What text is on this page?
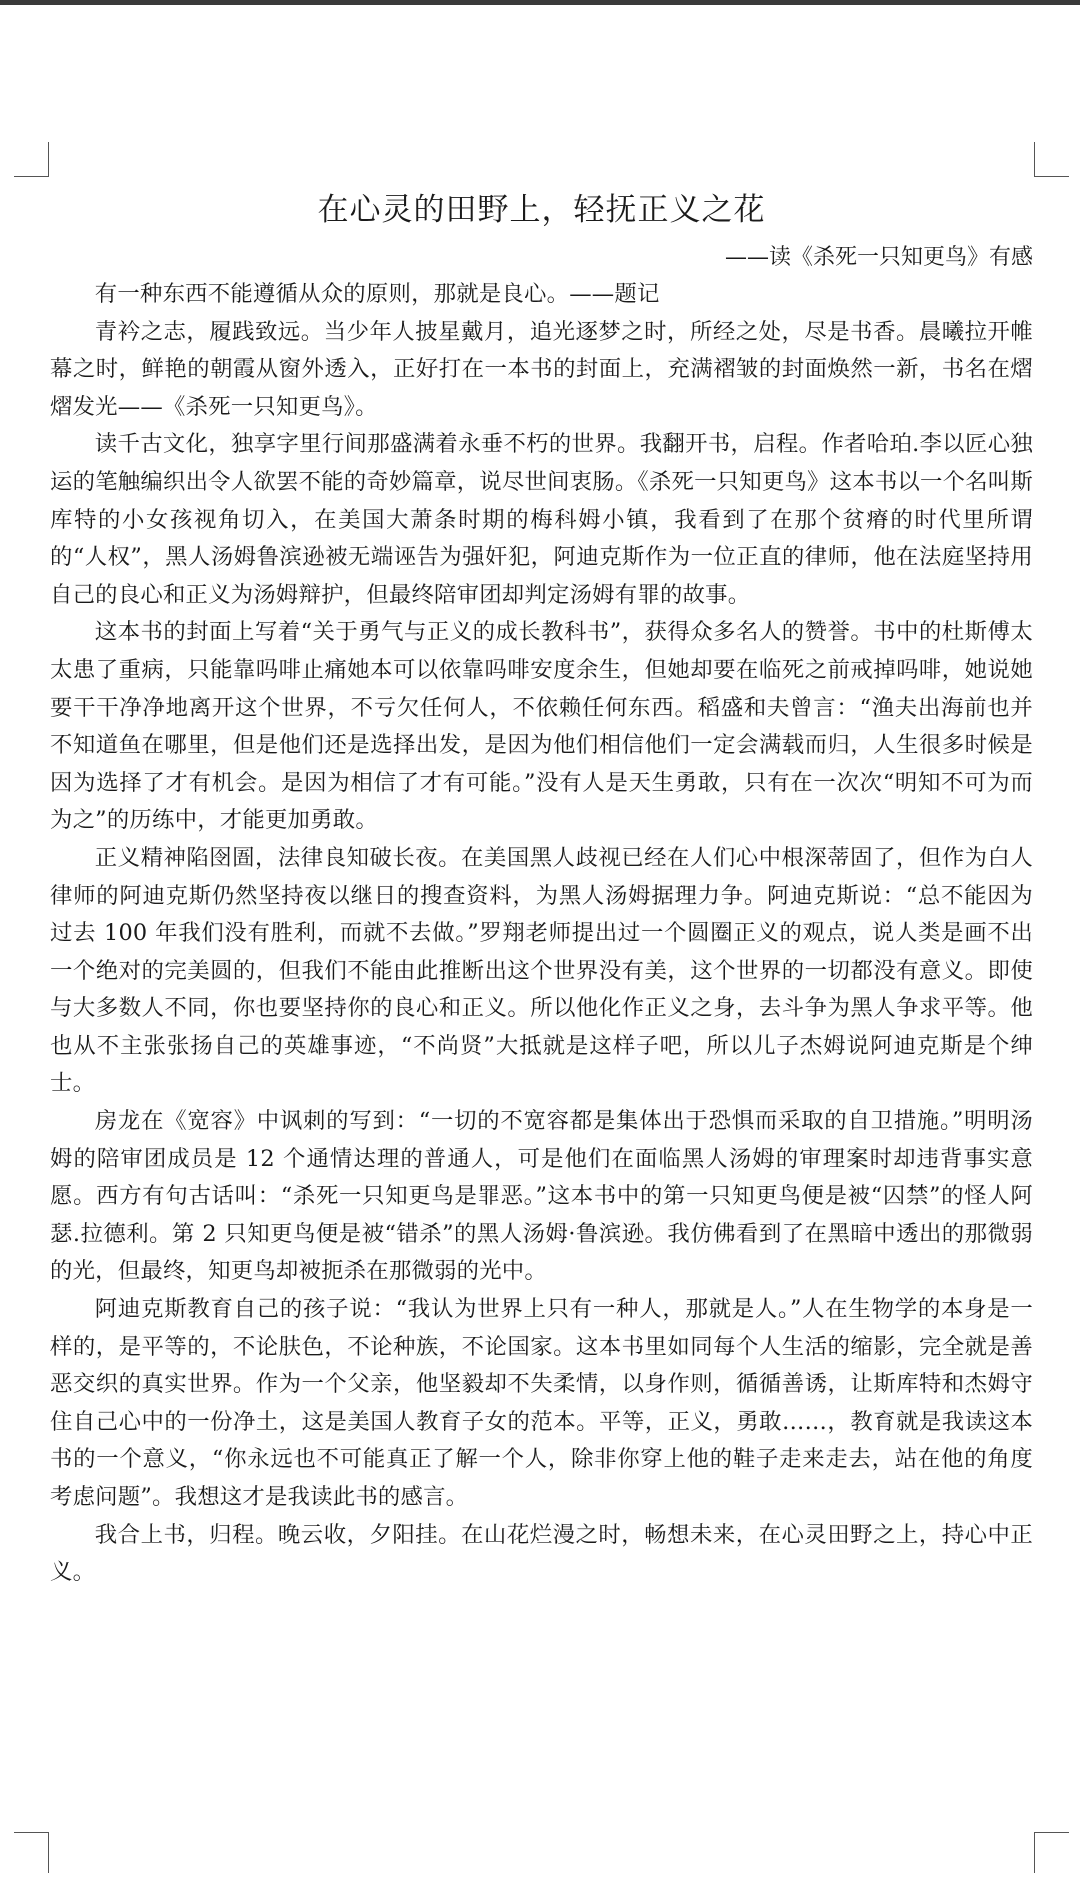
在心灵的田野上，轻抚正义之花

——读《杀死一只知更鸟》有感

有一种东西不能遵循从众的原则，那就是良心。——题记

青衿之志，履践致远。当少年人披星戴月，追光逐梦之时，所经之处，尽是书香。晨曦拉开帷幕之时，鲜艳的朝霞从窗外透入，正好打在一本书的封面上，充满褶皱的封面焕然一新，书名在熠熠发光——《杀死一只知更鸟》。

读千古文化，独享字里行间那盛满着永垂不朽的世界。我翻开书，启程。作者哈珀.李以匠心独运的笔触编织出令人欲罢不能的奇妙篇章，说尽世间衷肠。《杀死一只知更鸟》这本书以一个名叫斯库特的小女孩视角切入，在美国大萧条时期的梅科姆小镇，我看到了在那个贫瘠的时代里所谓的“人权”，黑人汤姆鲁滨逊被无端诬告为强奸犯，阿迪克斯作为一位正直的律师，他在法庭坚持用自己的良心和正义为汤姆辩护，但最终陪审团却判定汤姆有罪的故事。

这本书的封面上写着“关于勇气与正义的成长教科书”，获得众多名人的赞誉。书中的杜斯傅太太患了重病，只能靠吗啡止痛她本可以依靠吗啡安度余生，但她却要在临死之前戒掉吗啡，她说她要干干净净地离开这个世界，不亏欠任何人，不依赖任何东西。稻盛和夫曾言：“渔夫出海前也并不知道鱼在哪里，但是他们还是选择出发，是因为他们相信他们一定会满载而归，人生很多时候是因为选择了才有机会。是因为相信了才有可能。”没有人是天生勇敢，只有在一次次“明知不可为而为之”的历练中，才能更加勇敢。

正义精神陷囹圄，法律良知破长夜。在美国黑人歧视已经在人们心中根深蒂固了，但作为白人律师的阿迪克斯仍然坚持夜以继日的搜查资料，为黑人汤姆据理力争。阿迪克斯说：“总不能因为过去 100 年我们没有胜利，而就不去做。”罗翔老师提出过一个圆圈正义的观点，说人类是画不出一个绝对的完美圆的，但我们不能由此推断出这个世界没有美，这个世界的一切都没有意义。即使与大多数人不同，你也要坚持你的良心和正义。所以他化作正义之身，去斗争为黑人争求平等。他也从不主张张扬自己的英雄事迹，“不尚贤”大抵就是这样子吧，所以儿子杰姆说阿迪克斯是个绅士。

房龙在《宽容》中讽刺的写到：“一切的不宽容都是集体出于恐惧而采取的自卫措施。”明明汤姆的陪审团成员是 12 个通情达理的普通人，可是他们在面临黑人汤姆的审理案时却违背事实意愿。西方有句古话叫：“杀死一只知更鸟是罪恶。”这本书中的第一只知更鸟便是被“囚禁”的怪人阿瑟.拉德利。第 2 只知更鸟便是被“错杀”的黑人汤姆·鲁滨逊。我仿佛看到了在黑暗中透出的那微弱的光，但最终，知更鸟却被扼杀在那微弱的光中。

阿迪克斯教育自己的孩子说：“我认为世界上只有一种人，那就是人。”人在生物学的本身是一样的，是平等的，不论肤色，不论种族，不论国家。这本书里如同每个人生活的缩影，完全就是善恶交织的真实世界。作为一个父亲，他坚毅却不失柔情，以身作则，循循善诱，让斯库特和杰姆守住自己心中的一份净土，这是美国人教育子女的范本。平等，正义，勇敢……，教育就是我读这本书的一个意义，“你永远也不可能真正了解一个人，除非你穿上他的鞋子走来走去，站在他的角度考虑问题”。我想这才是我读此书的感言。

我合上书，归程。晚云收，夕阳挂。在山花烂漫之时，畅想未来，在心灵田野之上，持心中正义。
